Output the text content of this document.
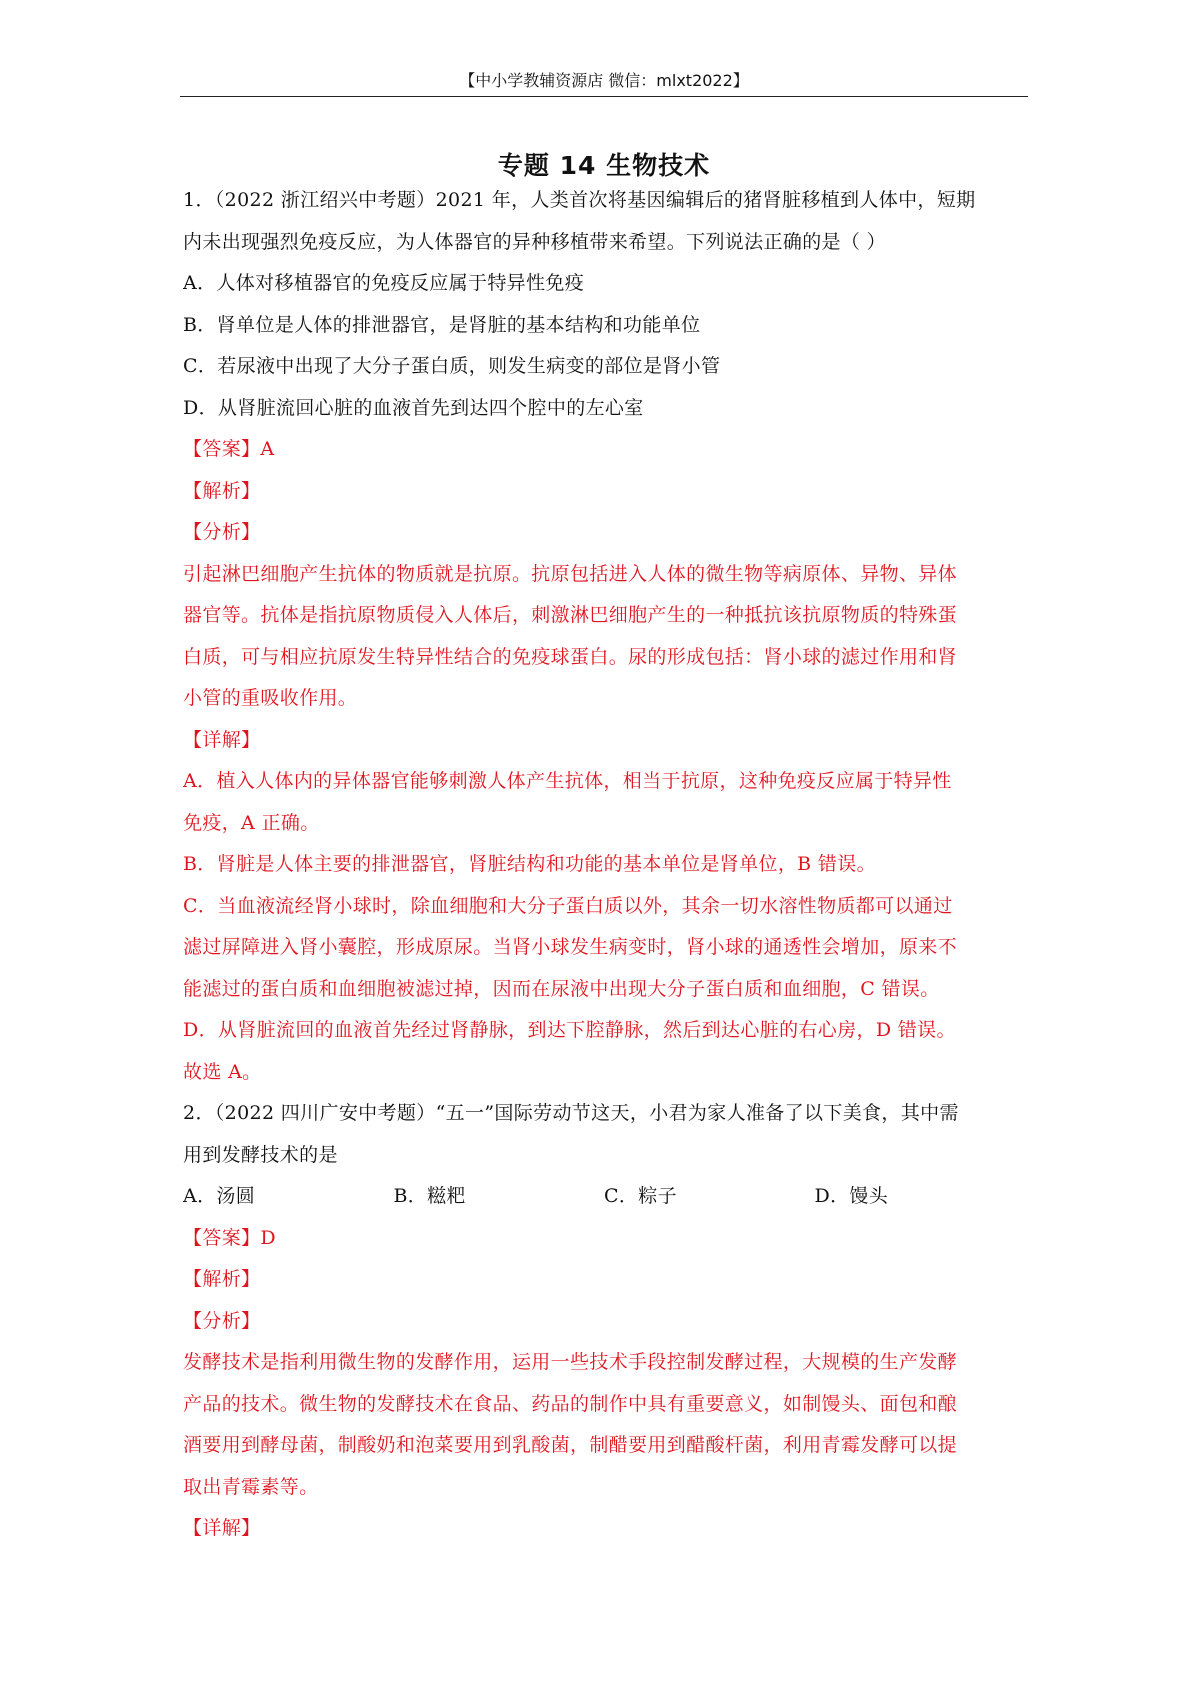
【中小学教辅资源店 微信：mlxt2022】
专题 14 生物技术
1．（2022 浙江绍兴中考题）2021 年，人类首次将基因编辑后的猪肾脏移植到人体中，短期
内未出现强烈免疫反应，为人体器官的异种移植带来希望。下列说法正确的是（ ）
A．人体对移植器官的免疫反应属于特异性免疫
B．肾单位是人体的排泄器官，是肾脏的基本结构和功能单位
C．若尿液中出现了大分子蛋白质，则发生病变的部位是肾小管
D．从肾脏流回心脏的血液首先到达四个腔中的左心室
【答案】A
【解析】
【分析】
引起淋巴细胞产生抗体的物质就是抗原。抗原包括进入人体的微生物等病原体、异物、异体
器官等。抗体是指抗原物质侵入人体后，刺激淋巴细胞产生的一种抵抗该抗原物质的特殊蛋
白质，可与相应抗原发生特异性结合的免疫球蛋白。尿的形成包括：肾小球的滤过作用和肾
小管的重吸收作用。
【详解】
A．植入人体内的异体器官能够刺激人体产生抗体，相当于抗原，这种免疫反应属于特异性
免疫，A 正确。
B．肾脏是人体主要的排泄器官，肾脏结构和功能的基本单位是肾单位，B 错误。
C．当血液流经肾小球时，除血细胞和大分子蛋白质以外，其余一切水溶性物质都可以通过
滤过屏障进入肾小囊腔，形成原尿。当肾小球发生病变时，肾小球的通透性会增加，原来不
能滤过的蛋白质和血细胞被滤过掉，因而在尿液中出现大分子蛋白质和血细胞，C 错误。
D．从肾脏流回的血液首先经过肾静脉，到达下腔静脉，然后到达心脏的右心房，D 错误。
故选 A。
2．（2022 四川广安中考题）“五一”国际劳动节这天，小君为家人准备了以下美食，其中需
用到发酵技术的是
A．汤圆	B．糍粑	C．粽子	D．馒头
【答案】D
【解析】
【分析】
发酵技术是指利用微生物的发酵作用，运用一些技术手段控制发酵过程，大规模的生产发酵
产品的技术。微生物的发酵技术在食品、药品的制作中具有重要意义，如制馒头、面包和酿
酒要用到酵母菌，制酸奶和泡菜要用到乳酸菌，制醋要用到醋酸杆菌，利用青霉发酵可以提
取出青霉素等。
【详解】
